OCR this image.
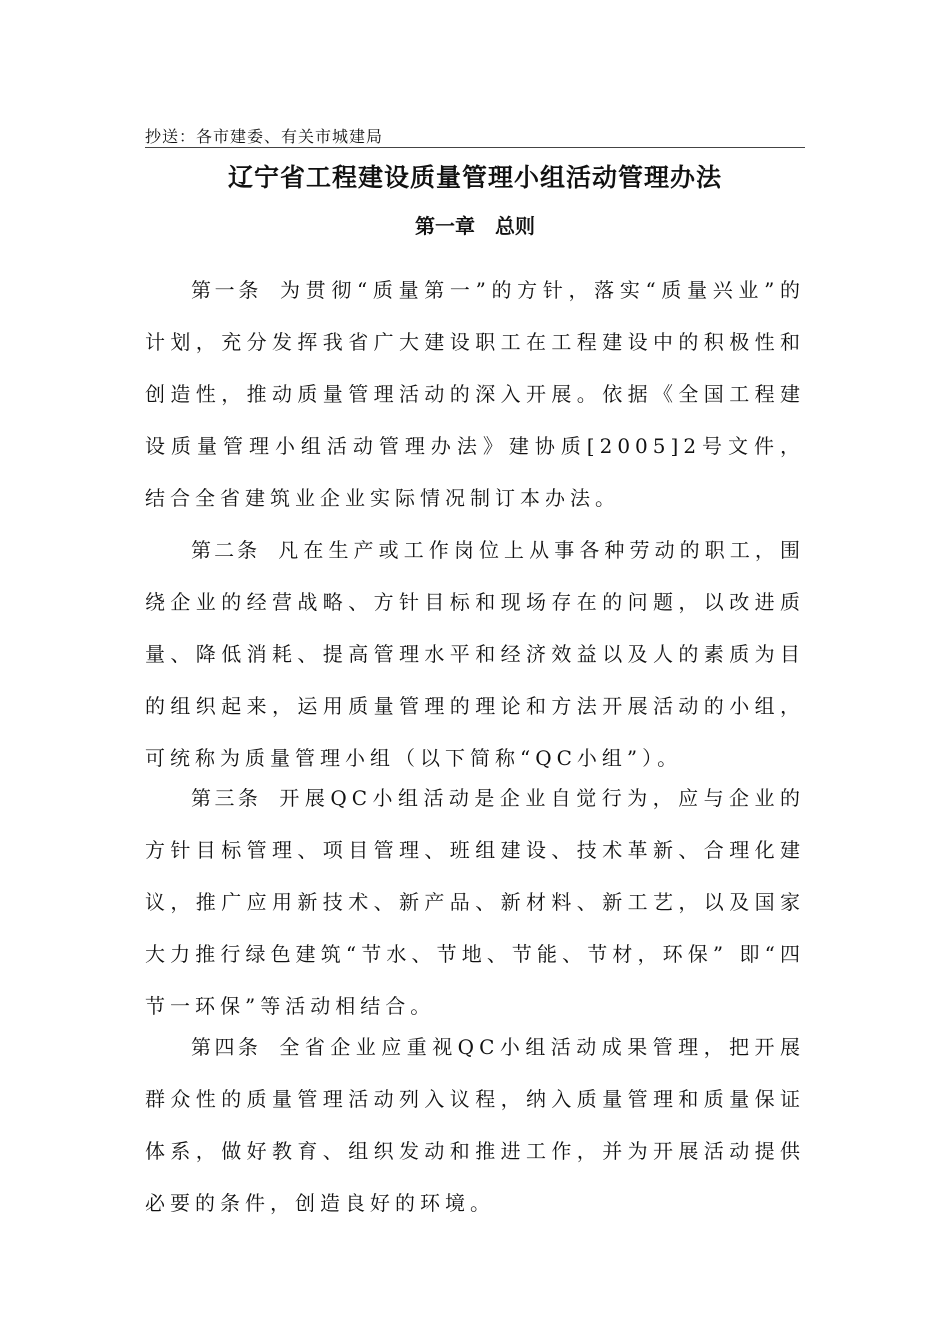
抄送：各市建委、有关市城建局
辽宁省工程建设质量管理小组活动管理办法
第一章　总则

第一条 为贯彻“质量第一”的方针，落实“质量兴业”的计划，充分发挥我省广大建设职工在工程建设中的积极性和创造性，推动质量管理活动的深入开展。依据《全国工程建设质量管理小组活动管理办法》建协质[2005]2号文件，结合全省建筑业企业实际情况制订本办法。

第二条 凡在生产或工作岗位上从事各种劳动的职工，围绕企业的经营战略、方针目标和现场存在的问题，以改进质量、降低消耗、提高管理水平和经济效益以及人的素质为目的组织起来，运用质量管理的理论和方法开展活动的小组，可统称为质量管理小组（以下简称“QC小组”）。

第三条 开展QC小组活动是企业自觉行为，应与企业的方针目标管理、项目管理、班组建设、技术革新、合理化建议，推广应用新技术、新产品、新材料、新工艺，以及国家大力推行绿色建筑“节水、节地、节能、节材，环保” 即“四节一环保”等活动相结合。

第四条 全省企业应重视QC小组活动成果管理，把开展群众性的质量管理活动列入议程，纳入质量管理和质量保证体系，做好教育、组织发动和推进工作，并为开展活动提供必要的条件，创造良好的环境。
